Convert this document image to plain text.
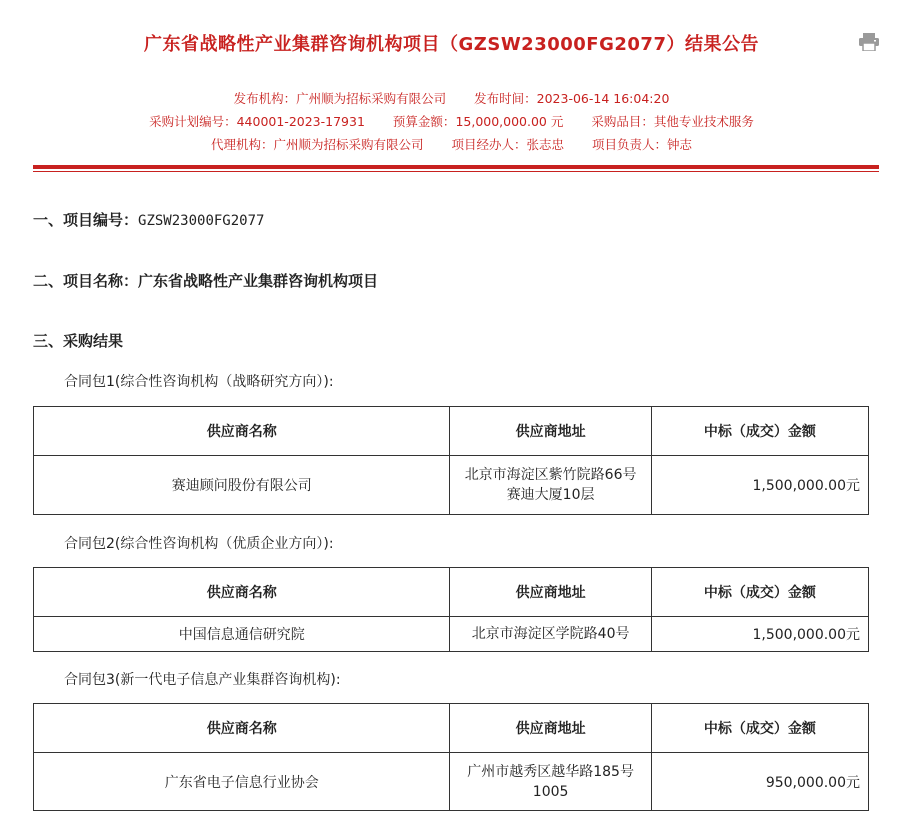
广东省战略性产业集群咨询机构项目（GZSW23000FG2077）结果公告
发布机构：广州顺为招标采购有限公司 发布时间：2023-06-14 16:04:20
采购计划编号：440001-2023-17931 预算金额：15,000,000.00 元 采购品目：其他专业技术服务
代理机构：广州顺为招标采购有限公司 项目经办人：张志忠 项目负责人：钟志
一、项目编号：GZSW23000FG2077
二、项目名称：广东省战略性产业集群咨询机构项目
三、采购结果
合同包1(综合性咨询机构（战略研究方向）):
供应商名称	供应商地址	中标（成交）金额
赛迪顾问股份有限公司	北京市海淀区紫竹院路66号赛迪大厦10层	1,500,000.00元
合同包2(综合性咨询机构（优质企业方向）):
供应商名称	供应商地址	中标（成交）金额
中国信息通信研究院	北京市海淀区学院路40号	1,500,000.00元
合同包3(新一代电子信息产业集群咨询机构):
供应商名称	供应商地址	中标（成交）金额
广东省电子信息行业协会	广州市越秀区越华路185号1005	950,000.00元
